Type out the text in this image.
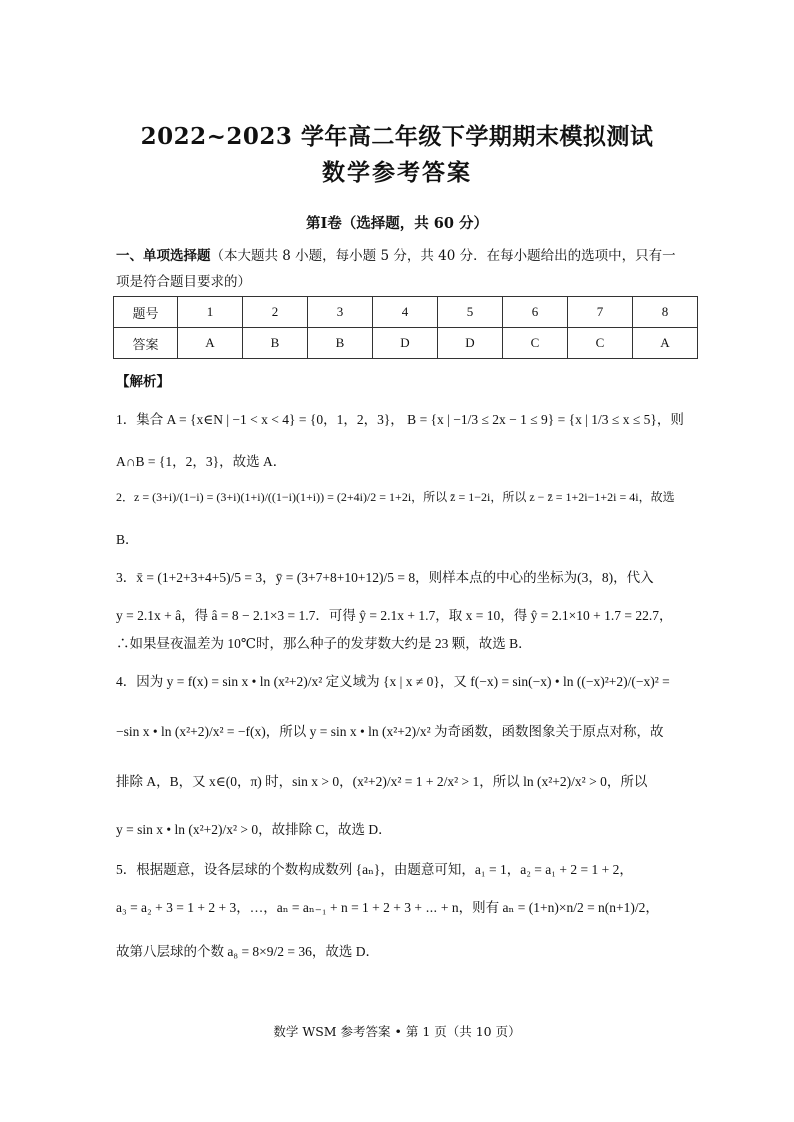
2022~2023 学年高二年级下学期期末模拟测试
数学参考答案
第Ⅰ卷（选择题，共 60 分）
一、单项选择题（本大题共 8 小题，每小题 5 分，共 40 分．在每小题给出的选项中，只有一
项是符合题目要求的）
题号	1	2	3	4	5	6	7	8
答案	A	B	B	D	D	C	C	A
【解析】
1．集合 A = {x∈N | −1 < x < 4} = {0，1，2，3}， B = {x | −1/3 ≤ 2x − 1 ≤ 9} = {x | 1/3 ≤ x ≤ 5}，则
A∩B = {1，2，3}，故选 A．
2．z = (3+i)/(1−i) = (3+i)(1+i)/((1−i)(1+i)) = (2+4i)/2 = 1+2i，所以 z̄ = 1−2i，所以 z − z̄ = 1+2i−1+2i = 4i，故选
B．
3．x̄ = (1+2+3+4+5)/5 = 3，ȳ = (3+7+8+10+12)/5 = 8，则样本点的中心的坐标为(3，8)，代入
y = 2.1x + â，得 â = 8 − 2.1×3 = 1.7．可得 ŷ = 2.1x + 1.7，取 x = 10，得 ŷ = 2.1×10 + 1.7 = 22.7，
∴如果昼夜温差为 10℃时，那么种子的发芽数大约是 23 颗，故选 B．
4．因为 y = f(x) = sin x • ln (x²+2)/x² 定义域为 {x | x ≠ 0}，又 f(−x) = sin(−x) • ln ((−x)²+2)/(−x)² =
−sin x • ln (x²+2)/x² = −f(x)，所以 y = sin x • ln (x²+2)/x² 为奇函数，函数图象关于原点对称，故
排除 A，B，又 x∈(0，π) 时，sin x > 0，(x²+2)/x² = 1 + 2/x² > 1，所以 ln (x²+2)/x² > 0，所以
y = sin x • ln (x²+2)/x² > 0，故排除 C，故选 D．
5．根据题意，设各层球的个数构成数列 {aₙ}，由题意可知，a₁ = 1，a₂ = a₁ + 2 = 1 + 2，
a₃ = a₂ + 3 = 1 + 2 + 3，…，aₙ = aₙ₋₁ + n = 1 + 2 + 3 + ⋯ + n，则有 aₙ = (1+n)×n/2 = n(n+1)/2，
故第八层球的个数 a₈ = 8×9/2 = 36，故选 D．
数学 WSM 参考答案 • 第 1 页（共 10 页）
